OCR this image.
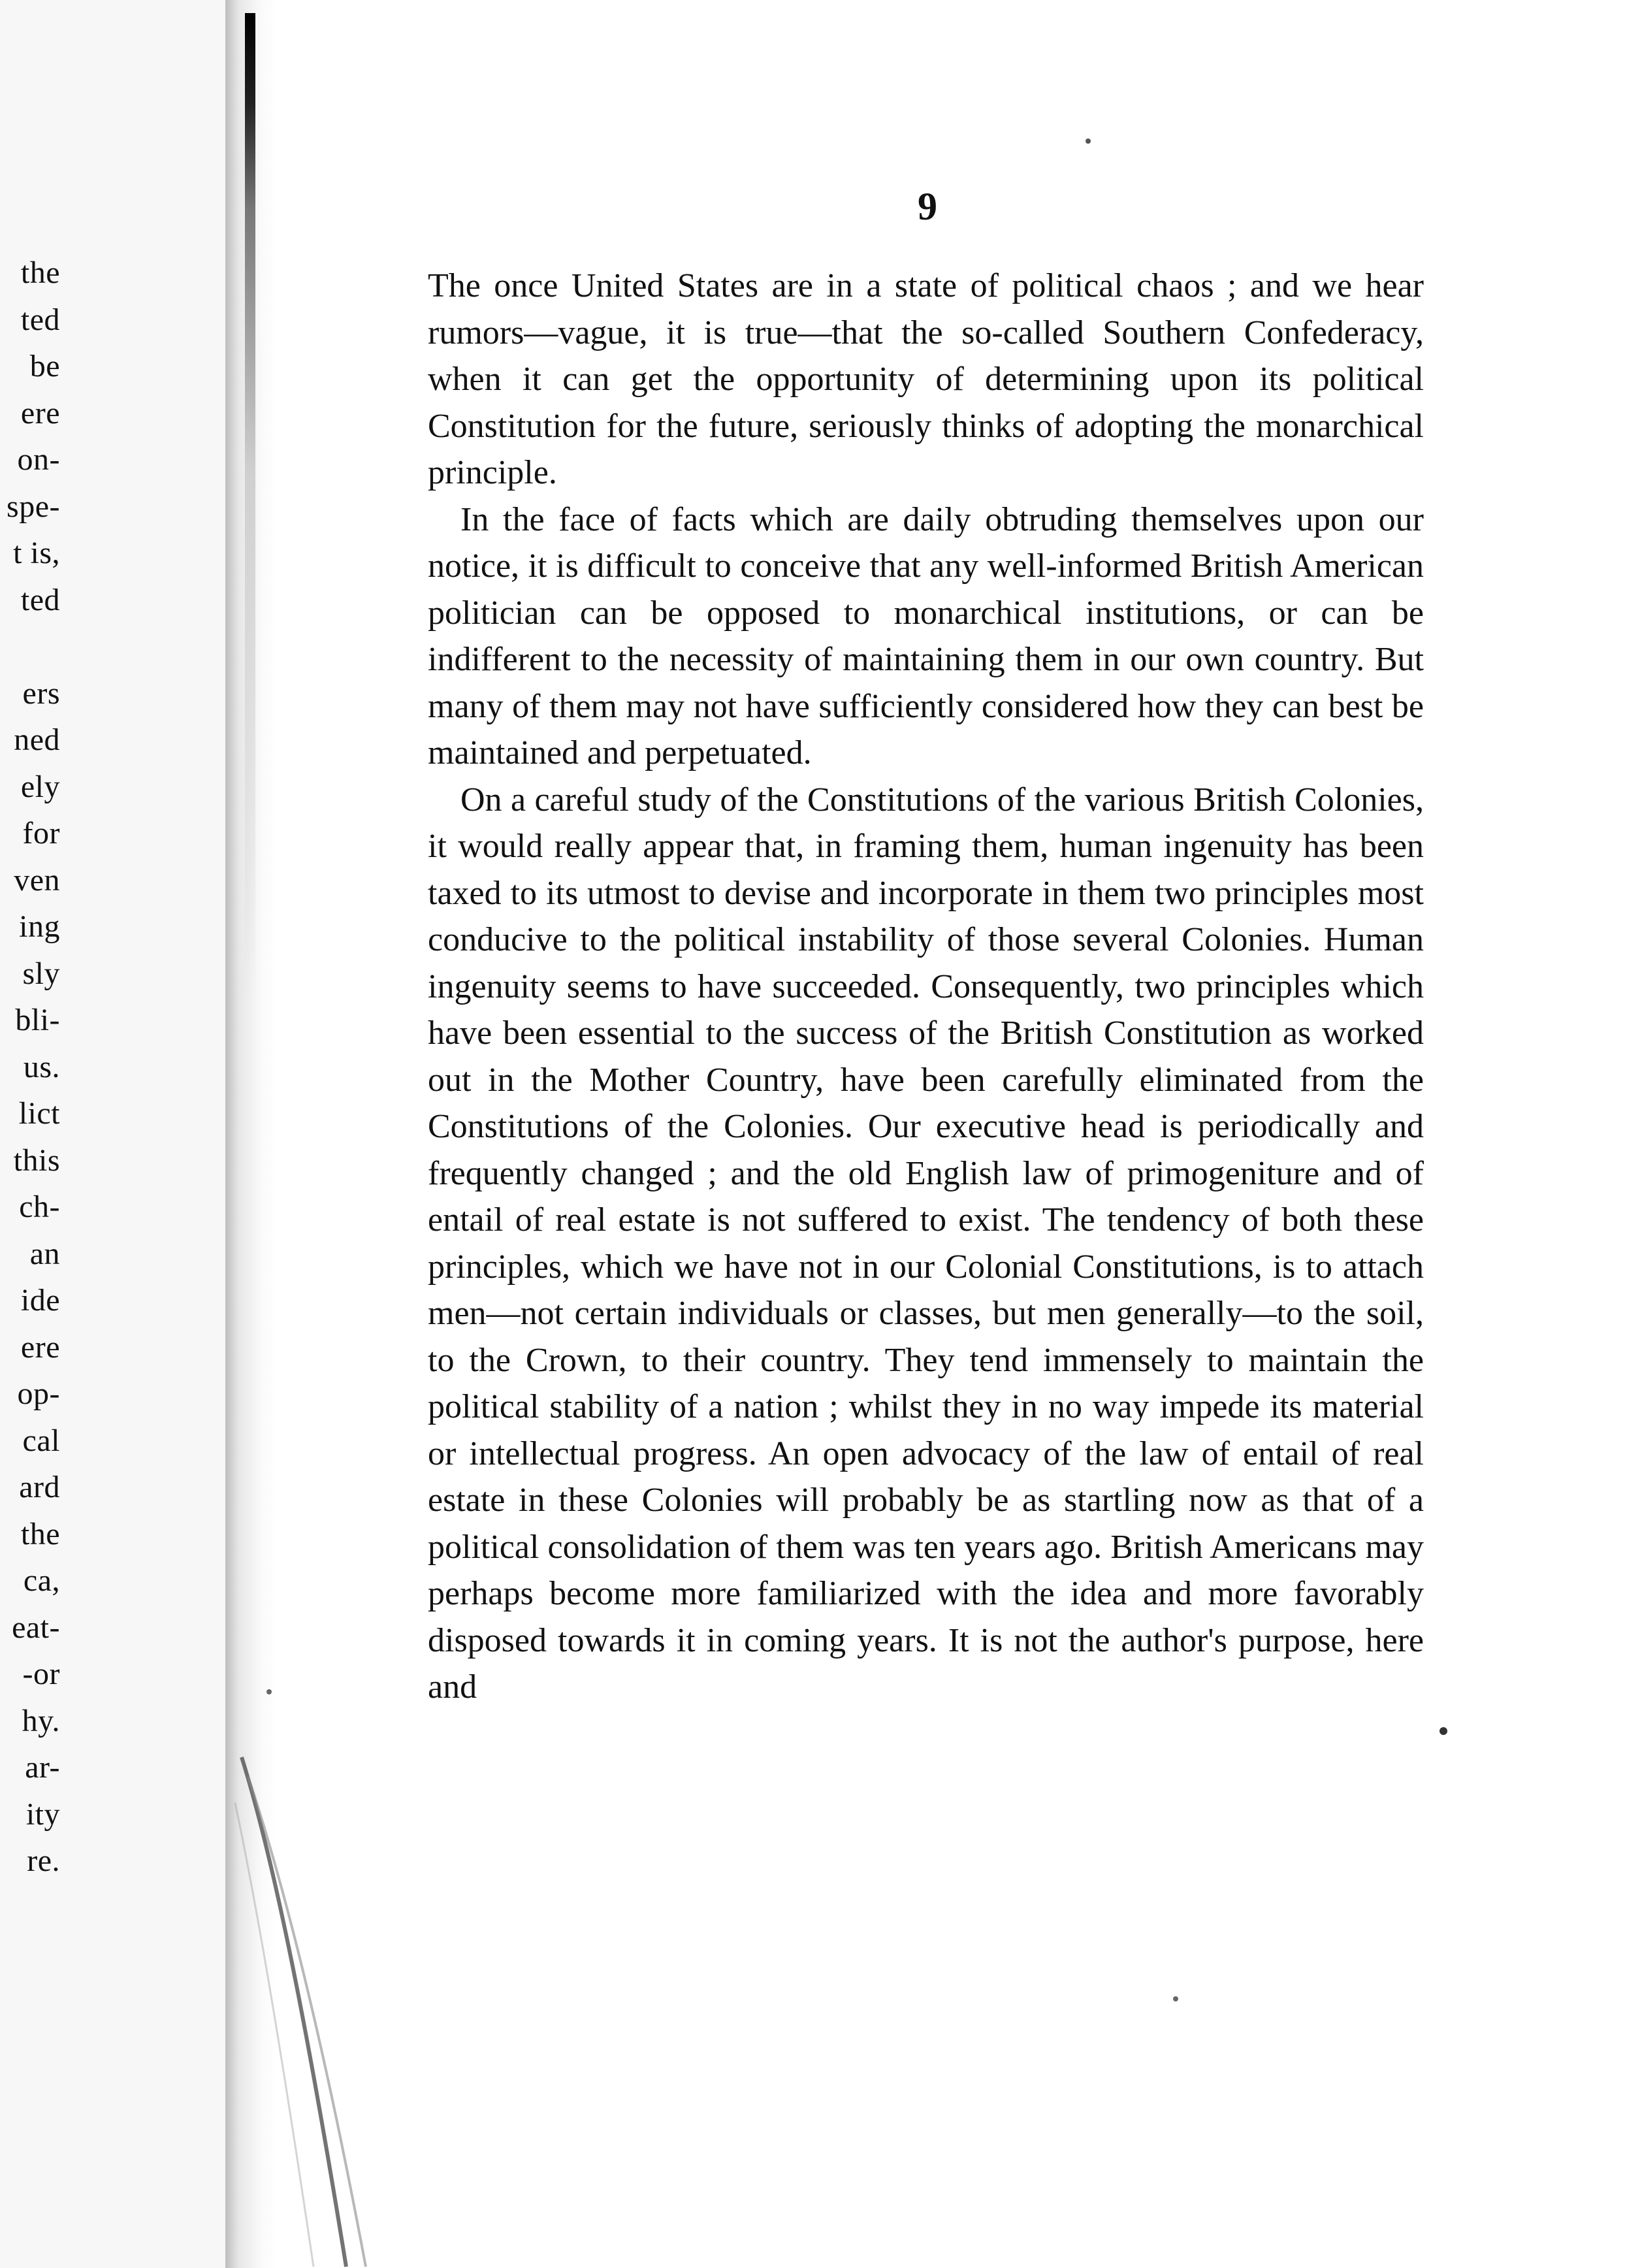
the
ted
be
ere
on-
spe-
t is,
ted

ers
ned
ely
for
ven
ing
sly
bli-
us.
lict
this
ch-
an
ide
ere
op-
cal
ard
the
ca,
eat-
-or
hy.
ar-
ity
re.
9

The once United States are in a state of political chaos ; and we hear rumors—vague, it is true—that the so-called Southern Confederacy, when it can get the opportunity of determining upon its political Constitution for the future, seriously thinks of adopting the monarchical principle.

In the face of facts which are daily obtruding themselves upon our notice, it is difficult to conceive that any well-informed British American politician can be opposed to monarchical institutions, or can be indifferent to the necessity of maintaining them in our own country. But many of them may not have sufficiently considered how they can best be maintained and perpetuated.

On a careful study of the Constitutions of the various British Colonies, it would really appear that, in framing them, human ingenuity has been taxed to its utmost to devise and incorporate in them two principles most conducive to the political instability of those several Colonies. Human ingenuity seems to have succeeded. Consequently, two principles which have been essential to the success of the British Constitution as worked out in the Mother Country, have been carefully eliminated from the Constitutions of the Colonies. Our executive head is periodically and frequently changed ; and the old English law of primogeniture and of entail of real estate is not suffered to exist. The tendency of both these principles, which we have not in our Colonial Constitutions, is to attach men—not certain individuals or classes, but men generally—to the soil, to the Crown, to their country. They tend immensely to maintain the political stability of a nation ; whilst they in no way impede its material or intellectual progress. An open advocacy of the law of entail of real estate in these Colonies will probably be as startling now as that of a political consolidation of them was ten years ago. British Americans may perhaps become more familiarized with the idea and more favorably disposed towards it in coming years. It is not the author's purpose, here and
